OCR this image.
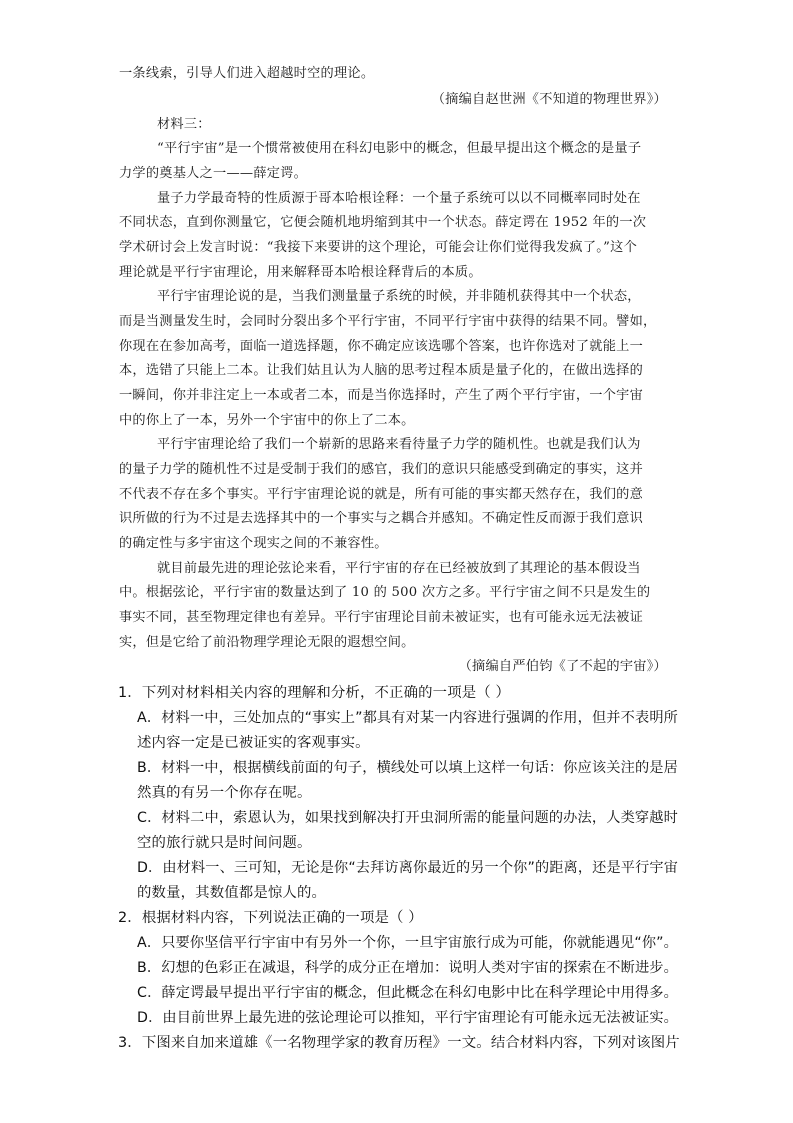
一条线索，引导人们进入超越时空的理论。
（摘编自赵世洲《不知道的物理世界》）
材料三：
“平行宇宙”是一个惯常被使用在科幻电影中的概念，但最早提出这个概念的是量子
力学的奠基人之一——薛定谔。
量子力学最奇特的性质源于哥本哈根诠释：一个量子系统可以以不同概率同时处在
不同状态，直到你测量它，它便会随机地坍缩到其中一个状态。薛定谔在 1952 年的一次
学术研讨会上发言时说：“我接下来要讲的这个理论，可能会让你们觉得我发疯了。”这个
理论就是平行宇宙理论，用来解释哥本哈根诠释背后的本质。
平行宇宙理论说的是，当我们测量量子系统的时候，并非随机获得其中一个状态，
而是当测量发生时，会同时分裂出多个平行宇宙，不同平行宇宙中获得的结果不同。譬如，
你现在在参加高考，面临一道选择题，你不确定应该选哪个答案，也许你选对了就能上一
本，选错了只能上二本。让我们姑且认为人脑的思考过程本质是量子化的，在做出选择的
一瞬间，你并非注定上一本或者二本，而是当你选择时，产生了两个平行宇宙，一个宇宙
中的你上了一本，另外一个宇宙中的你上了二本。
平行宇宙理论给了我们一个崭新的思路来看待量子力学的随机性。也就是我们认为
的量子力学的随机性不过是受制于我们的感官，我们的意识只能感受到确定的事实，这并
不代表不存在多个事实。平行宇宙理论说的就是，所有可能的事实都天然存在，我们的意
识所做的行为不过是去选择其中的一个事实与之耦合并感知。不确定性反而源于我们意识
的确定性与多宇宙这个现实之间的不兼容性。
就目前最先进的理论弦论来看，平行宇宙的存在已经被放到了其理论的基本假设当
中。根据弦论，平行宇宙的数量达到了 10 的 500 次方之多。平行宇宙之间不只是发生的
事实不同，甚至物理定律也有差异。平行宇宙理论目前未被证实，也有可能永远无法被证
实，但是它给了前沿物理学理论无限的遐想空间。
（摘编自严伯钧《了不起的宇宙》）
1．下列对材料相关内容的理解和分析，不正确的一项是（ ）
A．材料一中，三处加点的“事实上”都具有对某一内容进行强调的作用，但并不表明所
述内容一定是已被证实的客观事实。
B．材料一中，根据横线前面的句子，横线处可以填上这样一句话：你应该关注的是居
然真的有另一个你存在呢。
C．材料二中，索恩认为，如果找到解决打开虫洞所需的能量问题的办法，人类穿越时
空的旅行就只是时间问题。
D．由材料一、三可知，无论是你“去拜访离你最近的另一个你”的距离，还是平行宇宙
的数量，其数值都是惊人的。
2．根据材料内容，下列说法正确的一项是（ ）
A．只要你坚信平行宇宙中有另外一个你，一旦宇宙旅行成为可能，你就能遇见“你”。
B．幻想的色彩正在减退，科学的成分正在增加：说明人类对宇宙的探索在不断进步。
C．薛定谔最早提出平行宇宙的概念，但此概念在科幻电影中比在科学理论中用得多。
D．由目前世界上最先进的弦论理论可以推知，平行宇宙理论有可能永远无法被证实。
3．下图来自加来道雄《一名物理学家的教育历程》一文。结合材料内容，下列对该图片
